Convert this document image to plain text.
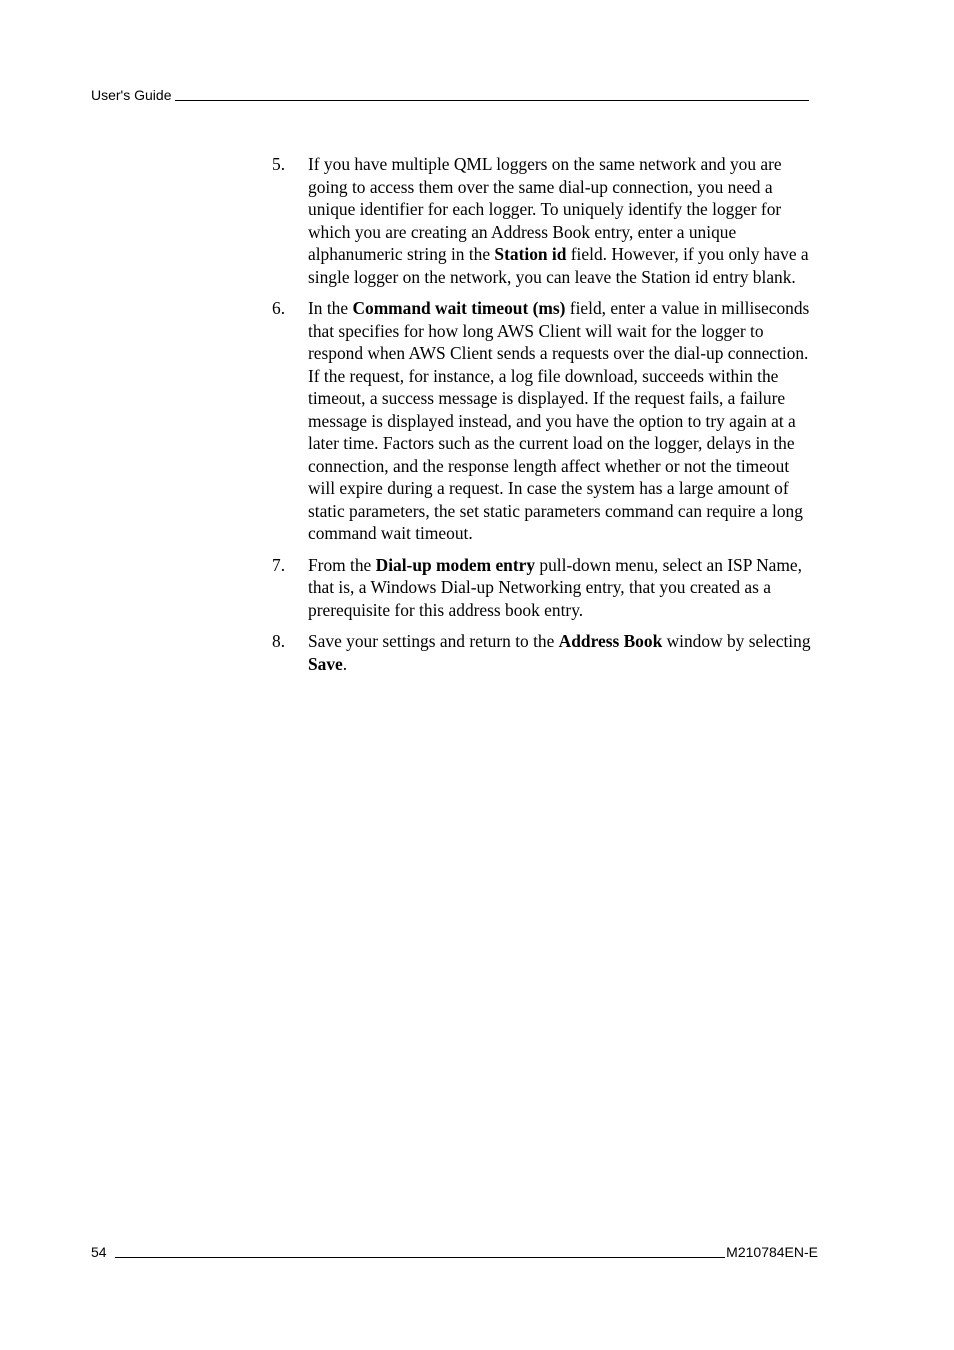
User's Guide
5.	If you have multiple QML loggers on the same network and you are going to access them over the same dial-up connection, you need a unique identifier for each logger. To uniquely identify the logger for which you are creating an Address Book entry, enter a unique alphanumeric string in the Station id field. However, if you only have a single logger on the network, you can leave the Station id entry blank.
6.	In the Command wait timeout (ms) field, enter a value in milliseconds that specifies for how long AWS Client will wait for the logger to respond when AWS Client sends a requests over the dial-up connection. If the request, for instance, a log file download, succeeds within the timeout, a success message is displayed. If the request fails, a failure message is displayed instead, and you have the option to try again at a later time. Factors such as the current load on the logger, delays in the connection, and the response length affect whether or not the timeout will expire during a request. In case the system has a large amount of static parameters, the set static parameters command can require a long command wait timeout.
7.	From the Dial-up modem entry pull-down menu, select an ISP Name, that is, a Windows Dial-up Networking entry, that you created as a prerequisite for this address book entry.
8.	Save your settings and return to the Address Book window by selecting Save.
54	M210784EN-E
